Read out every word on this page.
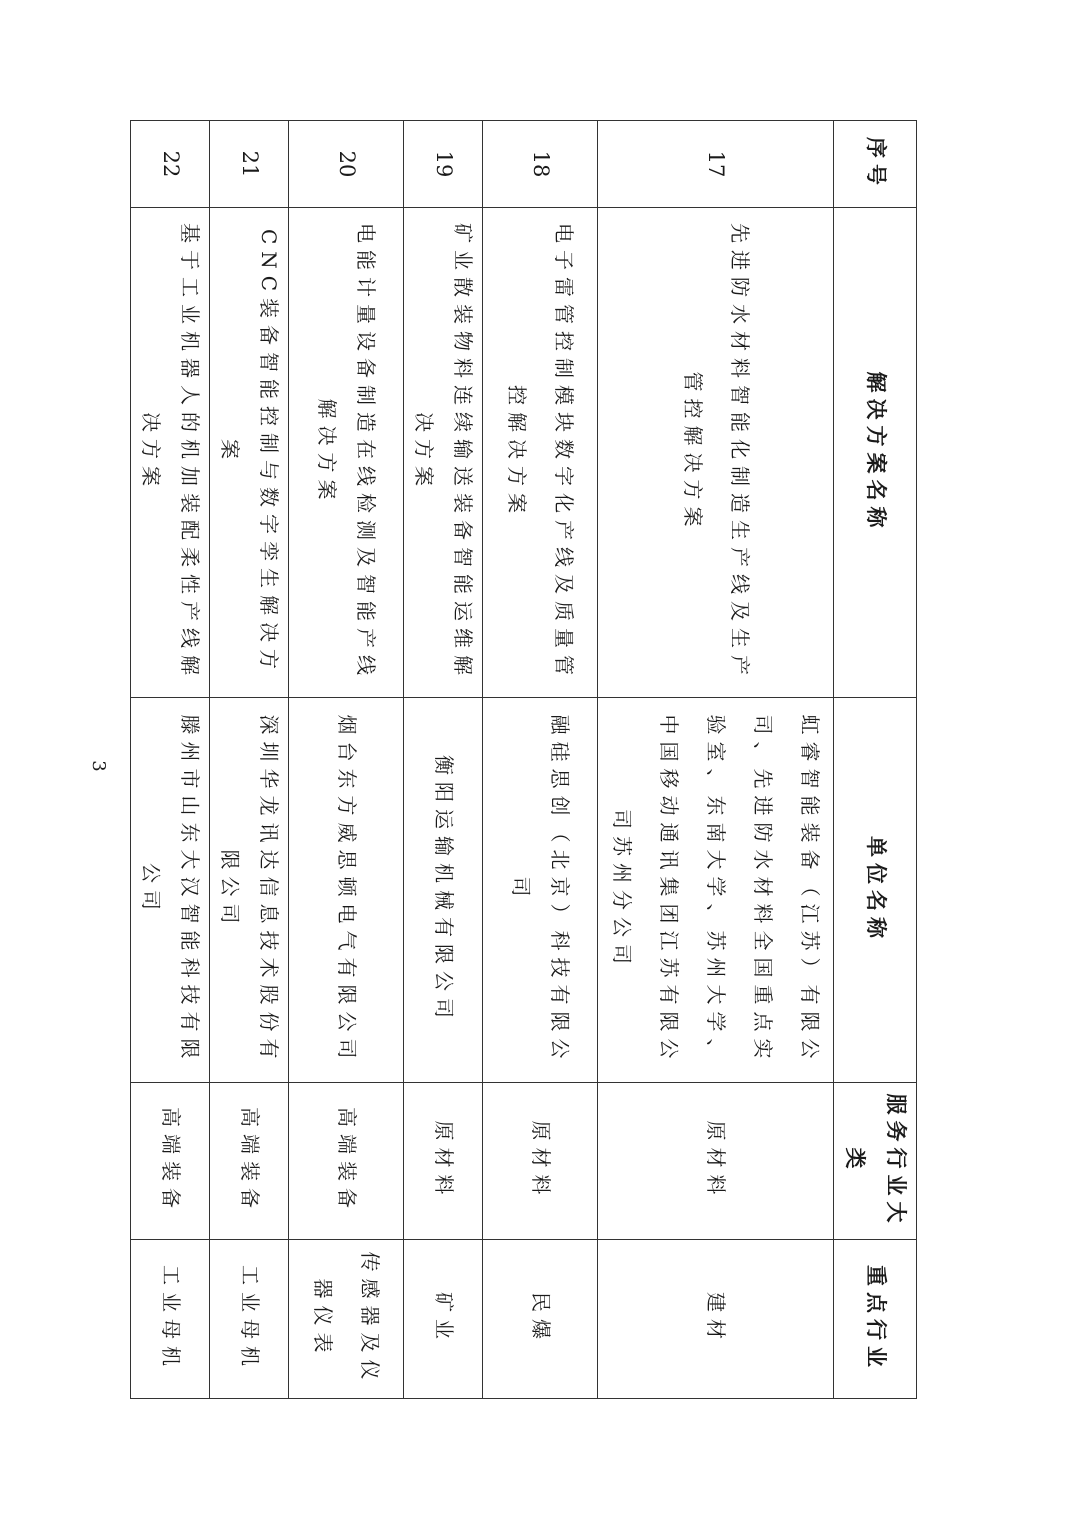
序号	解决方案名称	单位名称	服务行业大类	重点行业
17	先进防水材料智能化制造生产线及生产管控解决方案	虹睿智能装备（江苏）有限公司、先进防水材料全国重点实验室、东南大学、苏州大学、中国移动通讯集团江苏有限公司苏州分公司	原材料	建材
18	电子雷管控制模块数字化产线及质量管控解决方案	融硅思创（北京）科技有限公司	原材料	民爆
19	矿业散装物料连续输送装备智能运维解决方案	衡阳运输机械有限公司	原材料	矿业
20	电能计量设备制造在线检测及智能产线解决方案	烟台东方威思顿电气有限公司	高端装备	传感器及仪器仪表
21	CNC装备智能控制与数字孪生解决方案	深圳华龙讯达信息技术股份有限公司	高端装备	工业母机
22	基于工业机器人的机加装配柔性产线解决方案	滕州市山东大汉智能科技有限公司	高端装备	工业母机
3
